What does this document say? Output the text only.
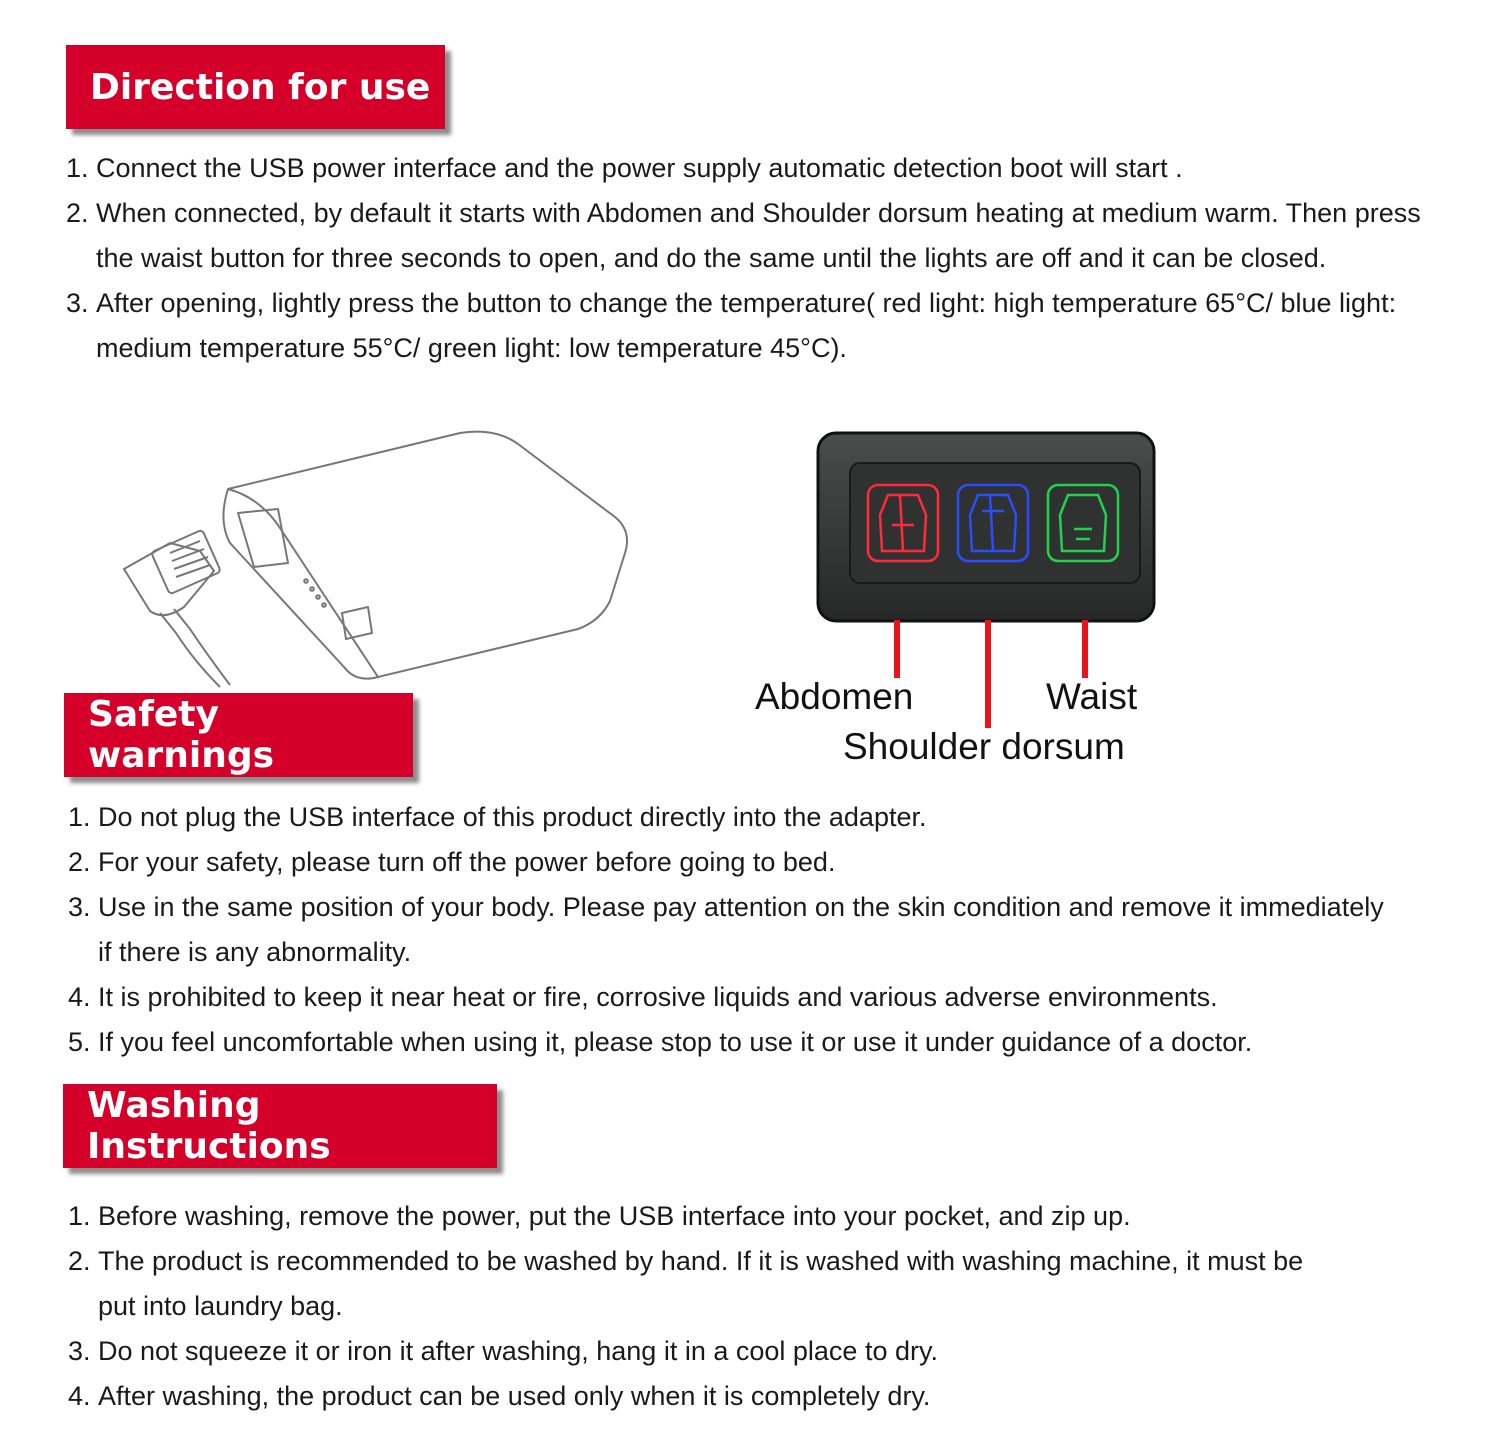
Direction for use
1. Connect the USB power interface and the power supply automatic detection boot will start .
2. When connected, by default it starts with Abdomen and Shoulder dorsum heating at medium warm. Then press the waist button for three seconds to open, and do the same until the lights are off and it can be closed.
3. After opening, lightly press the button to change the temperature( red light: high temperature 65°C/ blue light: medium temperature 55°C/ green light: low temperature 45°C).
Abdomen	Waist
Shoulder dorsum
Safety warnings
1. Do not plug the USB interface of this product directly into the adapter.
2. For your safety, please turn off the power before going to bed.
3. Use in the same position of your body. Please pay attention on the skin condition and remove it immediately if there is any abnormality.
4. It is prohibited to keep it near heat or fire, corrosive liquids and various adverse environments.
5. If you feel uncomfortable when using it, please stop to use it or use it under guidance of a doctor.
Washing Instructions
1. Before washing, remove the power, put the USB interface into your pocket, and zip up.
2. The product is recommended to be washed by hand. If it is washed with washing machine, it must be put into laundry bag.
3. Do not squeeze it or iron it after washing, hang it in a cool place to dry.
4. After washing, the product can be used only when it is completely dry.
